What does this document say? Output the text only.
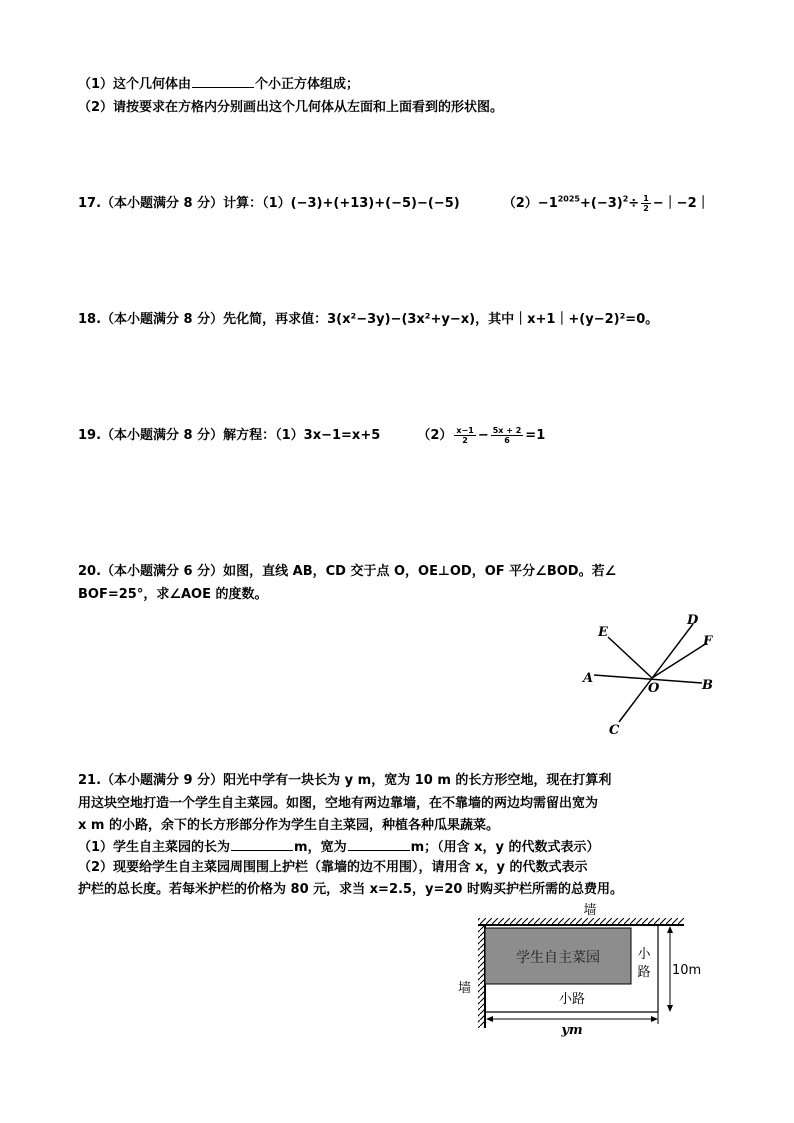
（1）这个几何体由	个小正方体组成；
（2）请按要求在方格内分别画出这个几何体从左面和上面看到的形状图。
17.（本小题满分 8 分）计算：（1）(−3)+(+13)+(−5)−(−5)	$(2)-1^{2025}+(-3)^2\div \frac{1}{2}$ −｜−2｜
18.（本小题满分 8 分）先化简，再求值：3(x²−3y)−(3x²+y−x)，其中｜x+1｜+(y−2)²=0。
19.（本小题满分 8 分）解方程：（1）3x−1=x+5	$(2) \frac{x-1}{2} - \frac{5x + 2}{6} =1$
20.（本小题满分 6 分）如图，直线 AB，CD 交于点 O，OE⊥OD，OF 平分∠BOD。若∠
BOF=25°，求∠AOE 的度数。
A	B
C
D
E
F
O
21.（本小题满分 9 分）阳光中学有一块长为 y m，宽为 10 m 的长方形空地，现在打算利
用这块空地打造一个学生自主菜园。如图，空地有两边靠墙，在不靠墙的两边均需留出宽为
x m 的小路，余下的长方形部分作为学生自主菜园，种植各种瓜果蔬菜。
（1）学生自主菜园的长为	m，宽为	m；（用含 x，y 的代数式表示）
（2）现要给学生自主菜园周围围上护栏（靠墙的边不用围），请用含 x，y 的代数式表示
护栏的总长度。若每米护栏的价格为 80 元，求当 x=2.5，y=20 时购买护栏所需的总费用。
学生自主菜园	小
路
小路
墙
墙
10m
ym
